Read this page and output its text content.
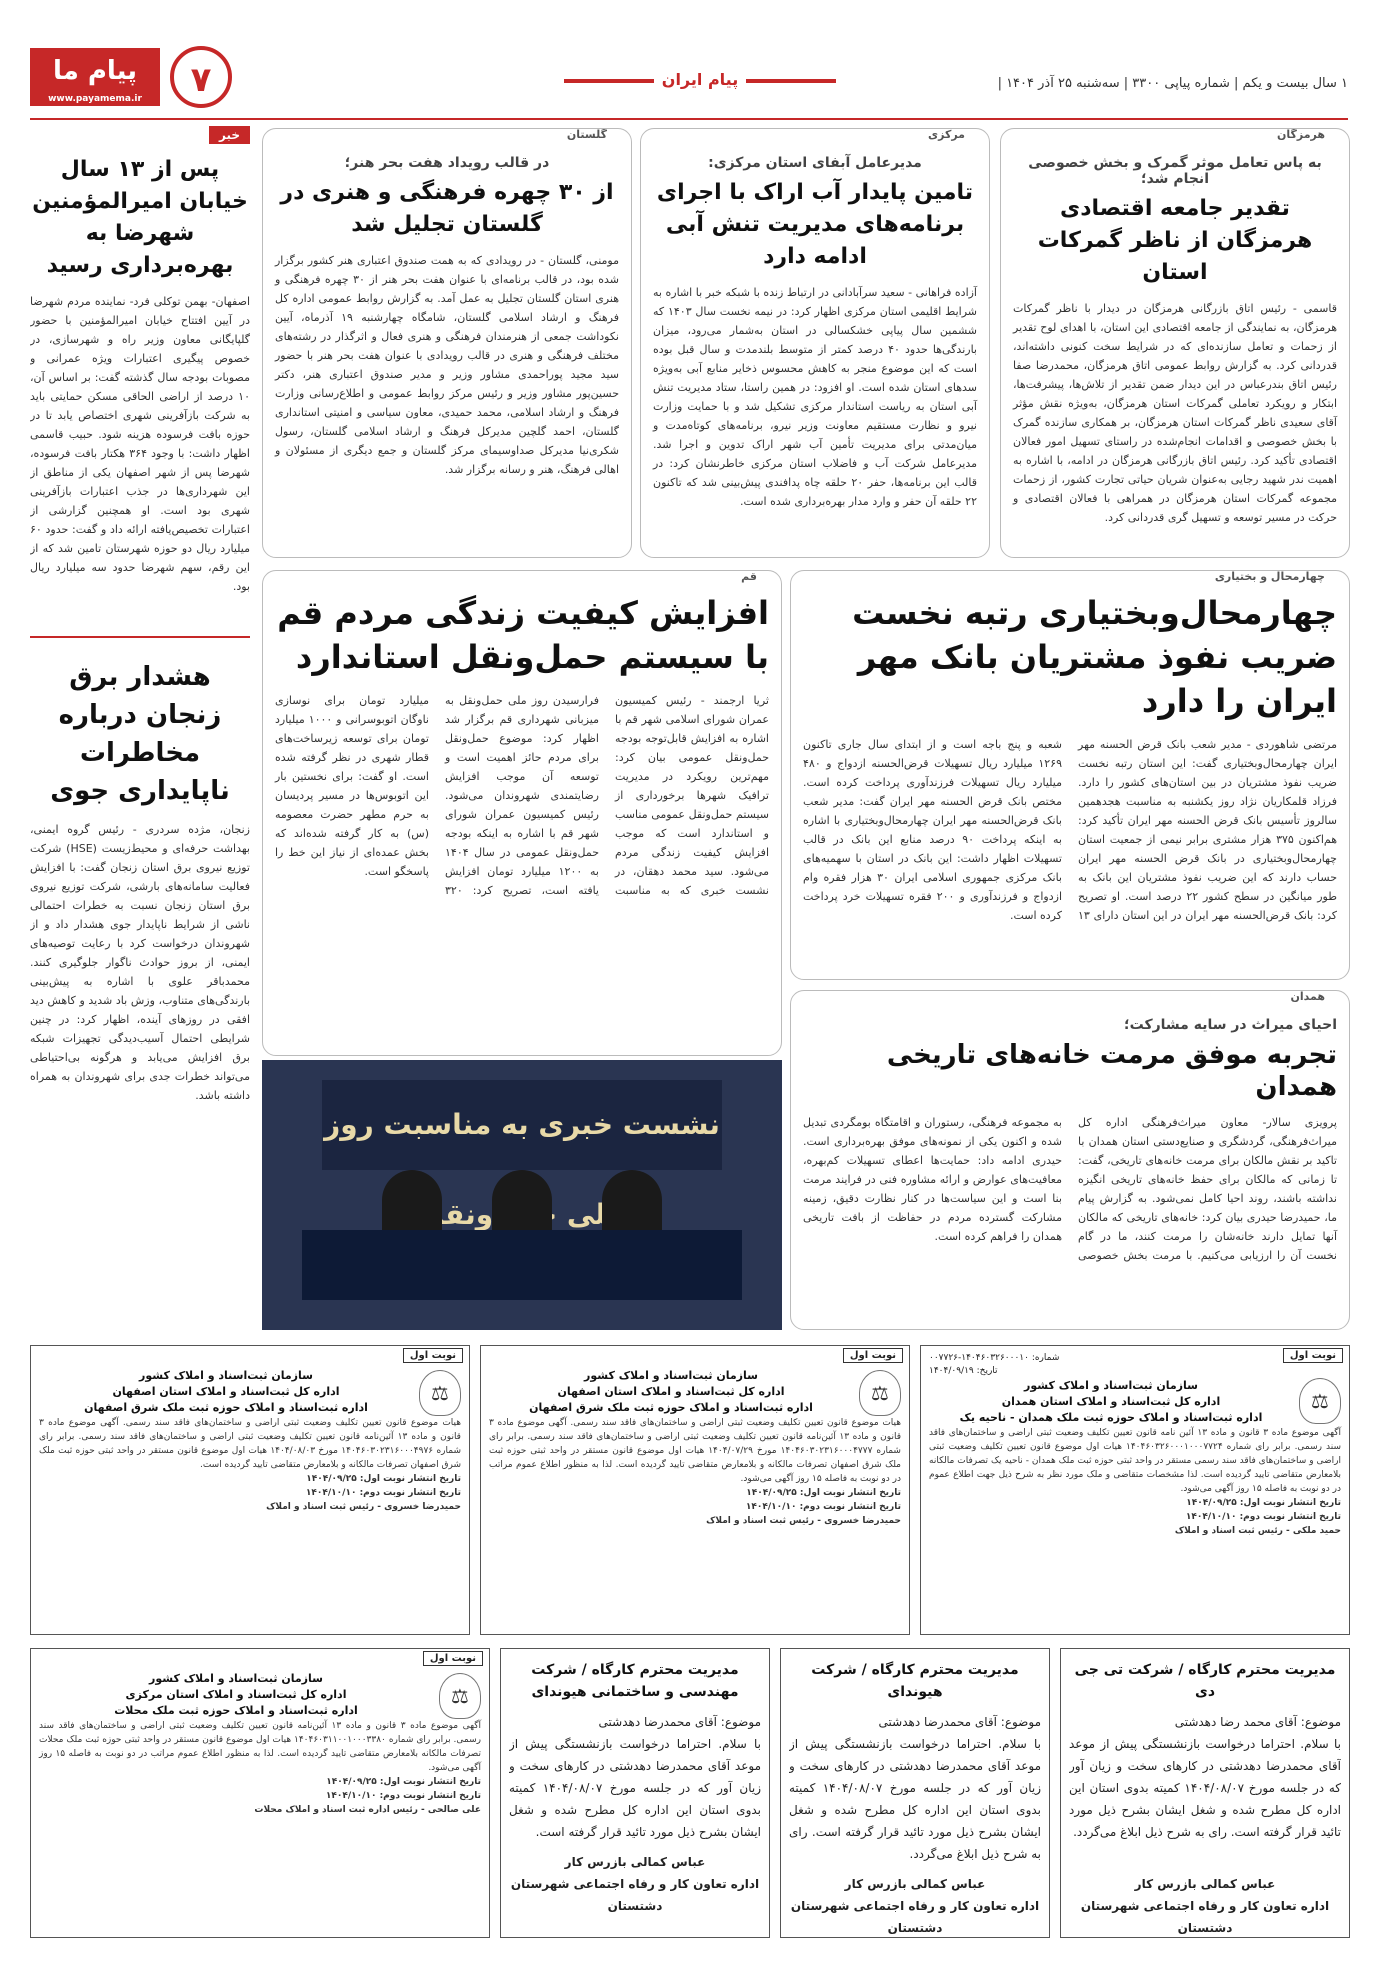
۱ سال بیست و یکم | شماره پیاپی ۳۳۰۰ | سه‌شنبه ۲۵ آذر ۱۴۰۴ |
پیام ایران
۷
پیام ما
www.payamema.ir
خبر
پس از ۱۳ سال خیابان امیرالمؤمنین شهرضا به بهره‌برداری رسید
اصفهان- بهمن توکلی فرد- نماینده مردم شهرضا در آیین افتتاح خیابان امیرالمؤمنین با حضور گلپایگانی معاون وزیر راه و شهرسازی، در خصوص پیگیری اعتبارات ویژه عمرانی و مصوبات بودجه سال گذشته گفت: بر اساس آن، ۱۰ درصد از اراضی الحاقی مسکن حمایتی باید به شرکت بازآفرینی شهری اختصاص یابد تا در حوزه بافت فرسوده هزینه شود. حبیب قاسمی اظهار داشت: با وجود ۳۶۴ هکتار بافت فرسوده، شهرضا پس از شهر اصفهان یکی از مناطق از این شهرداری‌ها در جذب اعتبارات بازآفرینی شهری بود است. او همچنین گزارشی از اعتبارات تخصیص‌یافته ارائه داد و گفت: حدود ۶۰ میلیارد ریال دو حوزه شهرستان تامین شد که از این رقم، سهم شهرضا حدود سه میلیارد ریال بود.
هشدار برق زنجان درباره مخاطرات ناپایداری جوی
زنجان، مژده سردری - رئیس گروه ایمنی، بهداشت حرفه‌ای و محیط‌زیست (HSE) شرکت توزیع نیروی برق استان زنجان گفت: با افزایش فعالیت سامانه‌های بارشی، شرکت توزیع نیروی برق استان زنجان نسبت به خطرات احتمالی ناشی از شرایط ناپایدار جوی هشدار داد و از شهروندان درخواست کرد با رعایت توصیه‌های ایمنی، از بروز حوادث ناگوار جلوگیری کنند. محمدباقر علوی با اشاره به پیش‌بینی بارندگی‌های متناوب، وزش باد شدید و کاهش دید افقی در روزهای آینده، اظهار کرد: در چنین شرایطی احتمال آسیب‌دیدگی تجهیزات شبکه برق افزایش می‌یابد و هرگونه بی‌احتیاطی می‌تواند خطرات جدی برای شهروندان به همراه داشته باشد.
هرمزگان
به پاس تعامل موثر گمرک و بخش خصوصی انجام شد؛
تقدیر جامعه اقتصادی هرمزگان از ناظر گمرکات استان
قاسمی - رئیس اتاق بازرگانی هرمزگان در دیدار با ناظر گمرکات هرمزگان، به نمایندگی از جامعه اقتصادی این استان، با اهدای لوح تقدیر از زحمات و تعامل سازنده‌ای که در شرایط سخت کنونی داشته‌اند، قدردانی کرد. به گزارش روابط عمومی اتاق هرمزگان، محمدرضا صفا رئیس اتاق بندرعباس در این دیدار ضمن تقدیر از تلاش‌ها، پیشرفت‌ها، ابتکار و رویکرد تعاملی گمرکات استان هرمزگان، به‌ویژه نقش مؤثر آقای سعیدی ناظر گمرکات استان هرمزگان، بر همکاری سازنده گمرک با بخش خصوصی و اقدامات انجام‌شده در راستای تسهیل امور فعالان اقتصادی تأکید کرد. رئیس اتاق بازرگانی هرمزگان در ادامه، با اشاره به اهمیت ندر شهید رجایی به‌عنوان شریان حیاتی تجارت کشور، از زحمات مجموعه گمرکات استان هرمزگان در همراهی با فعالان اقتصادی و حرکت در مسیر توسعه و تسهیل گری قدردانی کرد.
مرکزی
مدیرعامل آبفای استان مرکزی:
تامین پایدار آب اراک با اجرای برنامه‌های مدیریت تنش آبی ادامه دارد
آزاده فراهانی - سعید سرآبادانی در ارتباط زنده با شبکه خبر با اشاره به شرایط اقلیمی استان مرکزی اظهار کرد: در نیمه نخست سال ۱۴۰۳ که ششمین سال پیاپی خشکسالی در استان به‌شمار می‌رود، میزان بارندگی‌ها حدود ۴۰ درصد کمتر از متوسط بلندمدت و سال قبل بوده است که این موضوع منجر به کاهش محسوس ذخایر منابع آبی به‌ویژه سدهای استان شده است. او افزود: در همین راستا، ستاد مدیریت تنش آبی استان به ریاست استاندار مرکزی تشکیل شد و با حمایت وزارت نیرو و نظارت مستقیم معاونت وزیر نیرو، برنامه‌های کوتاه‌مدت و میان‌مدتی برای مدیریت تأمین آب شهر اراک تدوین و اجرا شد. مدیرعامل شرکت آب و فاضلاب استان مرکزی خاطرنشان کرد: در قالب این برنامه‌ها، حفر ۲۰ حلقه چاه پدافندی پیش‌بینی شد که تاکنون ۲۲ حلقه آن حفر و وارد مدار بهره‌برداری شده است.
گلستان
در قالب رویداد هفت بحر هنر؛
از ۳۰ چهره فرهنگی و هنری در گلستان تجلیل شد
مومنی، گلستان - در رویدادی که به همت صندوق اعتباری هنر کشور برگزار شده بود، در قالب برنامه‌ای با عنوان هفت بحر هنر از ۳۰ چهره فرهنگی و هنری استان گلستان تجلیل به عمل آمد. به گزارش روابط عمومی اداره کل فرهنگ و ارشاد اسلامی گلستان، شامگاه چهارشنبه ۱۹ آذرماه، آیین نکوداشت جمعی از هنرمندان فرهنگی و هنری فعال و اثرگذار در رشته‌های مختلف فرهنگی و هنری در قالب رویدادی با عنوان هفت بحر هنر با حضور سید مجید پوراحمدی مشاور وزیر و مدیر صندوق اعتباری هنر، دکتر حسین‌پور مشاور وزیر و رئیس مرکز روابط عمومی و اطلاع‌رسانی وزارت فرهنگ و ارشاد اسلامی، محمد حمیدی، معاون سیاسی و امنیتی استانداری گلستان، احمد گلچین مدیرکل فرهنگ و ارشاد اسلامی گلستان، رسول شکری‌نیا مدیرکل صداوسیمای مرکز گلستان و جمع دیگری از مسئولان و اهالی فرهنگ، هنر و رسانه برگزار شد.
چهارمحال و بختیاری
چهارمحال‌وبختیاری رتبه نخست ضریب نفوذ مشتریان بانک مهر ایران را دارد
مرتضی شاهوردی - مدیر شعب بانک قرض الحسنه مهر ایران چهارمحال‌وبختیاری گفت: این استان رتبه نخست ضریب نفوذ مشتریان در بین استان‌های کشور را دارد. فرزاد قلمکاریان نژاد روز یکشنبه به مناسبت هجدهمین سالروز تأسیس بانک قرض الحسنه مهر ایران تأکید کرد: هم‌اکنون ۳۷۵ هزار مشتری برابر نیمی از جمعیت استان چهارمحال‌وبختیاری در بانک قرض الحسنه مهر ایران حساب دارند که این ضریب نفوذ مشتریان این بانک به طور میانگین در سطح کشور ۲۲ درصد است. او تصریح کرد: بانک قرض‌الحسنه مهر ایران در این استان دارای ۱۳ شعبه و پنج باجه است و از ابتدای سال جاری تاکنون ۱۲۶۹ میلیارد ریال تسهیلات قرض‌الحسنه ازدواج و ۴۸۰ میلیارد ریال تسهیلات فرزندآوری پرداخت کرده است. مختص بانک قرض الحسنه مهر ایران گفت: مدیر شعب بانک قرض‌الحسنه مهر ایران چهارمحال‌وبختیاری با اشاره به اینکه پرداخت ۹۰ درصد منابع این بانک در قالب تسهیلات اظهار داشت: این بانک در استان با سهمیه‌های بانک مرکزی جمهوری اسلامی ایران ۳۰ هزار فقره وام ازدواج و فرزندآوری و ۲۰۰ فقره تسهیلات خرد پرداخت کرده است.
قم
افزایش کیفیت زندگی مردم قم با سیستم حمل‌ونقل استاندارد
ثریا ارجمند - رئیس کمیسیون عمران شورای اسلامی شهر قم با اشاره به افزایش قابل‌توجه بودجه حمل‌ونقل عمومی بیان کرد: مهم‌ترین رویکرد در مدیریت ترافیک شهرها برخورداری از سیستم حمل‌ونقل عمومی مناسب و استاندارد است که موجب افزایش کیفیت زندگی مردم می‌شود. سید محمد دهقان، در نشست خبری که به مناسبت فرارسیدن روز ملی حمل‌ونقل به میزبانی شهرداری قم برگزار شد اظهار کرد: موضوع حمل‌ونقل برای مردم حائز اهمیت است و توسعه آن موجب افزایش رضایتمندی شهروندان می‌شود. رئیس کمیسیون عمران شورای شهر قم با اشاره به اینکه بودجه حمل‌ونقل عمومی در سال ۱۴۰۴ به ۱۲۰۰ میلیارد تومان افزایش یافته است، تصریح کرد: ۳۲۰ میلیارد تومان برای نوسازی ناوگان اتوبوسرانی و ۱۰۰۰ میلیارد تومان برای توسعه زیرساخت‌های قطار شهری در نظر گرفته شده است. او گفت: برای نخستین بار این اتوبوس‌ها در مسیر پردیسان به حرم مطهر حضرت معصومه (س) به کار گرفته شده‌اند که بخش عمده‌ای از نیاز این خط را پاسخگو است.
نشست خبری به مناسبت روز ملی حمل‌ونقل
همدان
احیای میراث در سایه مشارکت؛
تجربه موفق مرمت خانه‌های تاریخی همدان
پرویزی سالار- معاون میراث‌فرهنگی اداره کل میراث‌فرهنگی، گردشگری و صنایع‌دستی استان همدان با تاکید بر نقش مالکان برای مرمت خانه‌های تاریخی، گفت: تا زمانی که مالکان برای حفظ خانه‌های تاریخی انگیزه نداشته باشند، روند احیا کامل نمی‌شود. به گزارش پیام ما، حمیدرضا حیدری بیان کرد: خانه‌های تاریخی که مالکان آنها تمایل دارند خانه‌شان را مرمت کنند، ما در گام نخست آن را ارزیابی می‌کنیم. با مرمت بخش خصوصی به مجموعه فرهنگی، رستوران و اقامتگاه بومگردی تبدیل شده و اکنون یکی از نمونه‌های موفق بهره‌برداری است. حیدری ادامه داد: حمایت‌ها اعطای تسهیلات کم‌بهره، معافیت‌های عوارض و ارائه مشاوره فنی در فرایند مرمت بنا است و این سیاست‌ها در کنار نظارت دقیق، زمینه مشارکت گسترده مردم در حفاظت از بافت تاریخی همدان را فراهم کرده است.
نوبت اول
شماره: ۱۴۰۴۶۰۳۲۶۰۰۰۱۰-۰۰۷۷۲۶
تاریخ: ۱۴۰۴/۰۹/۱۹
⚖
سازمان ثبت‌اسناد و املاک کشور
اداره کل ثبت‌اسناد و املاک استان همدان
اداره ثبت‌اسناد و املاک حوزه ثبت ملک همدان - ناحیه یک
آگهی موضوع ماده ۳ قانون و ماده ۱۳ آئین نامه قانون تعیین تکلیف وضعیت ثبتی اراضی و ساختمان‌های فاقد سند رسمی. برابر رای شماره ۱۴۰۴۶۰۳۲۶۰۰۰۱۰۰۰۷۷۲۴ هیات اول موضوع قانون تعیین تکلیف وضعیت ثبتی اراضی و ساختمان‌های فاقد سند رسمی مستقر در واحد ثبتی حوزه ثبت ملک همدان - ناحیه یک تصرفات مالکانه بلامعارض متقاضی تایید گردیده است. لذا مشخصات متقاضی و ملک مورد نظر به شرح ذیل جهت اطلاع عموم در دو نوبت به فاصله ۱۵ روز آگهی می‌شود.
تاریخ انتشار نوبت اول: ۱۴۰۴/۰۹/۲۵
تاریخ انتشار نوبت دوم: ۱۴۰۴/۱۰/۱۰
حمید ملکی - رئیس ثبت اسناد و املاک
نوبت اول
⚖
سازمان ثبت‌اسناد و املاک کشور
اداره کل ثبت‌اسناد و املاک استان اصفهان
اداره ثبت‌اسناد و املاک حوزه ثبت ملک شرق اصفهان
هیات موضوع قانون تعیین تکلیف وضعیت ثبتی اراضی و ساختمان‌های فاقد سند رسمی. آگهی موضوع ماده ۳ قانون و ماده ۱۳ آئین‌نامه قانون تعیین تکلیف وضعیت ثبتی اراضی و ساختمان‌های فاقد سند رسمی. برابر رای شماره ۱۴۰۴۶۰۳۰۲۳۱۶۰۰۰۴۷۷۷ مورخ ۱۴۰۴/۰۷/۲۹ هیات اول موضوع قانون مستقر در واحد ثبتی حوزه ثبت ملک شرق اصفهان تصرفات مالکانه و بلامعارض متقاضی تایید گردیده است. لذا به منظور اطلاع عموم مراتب در دو نوبت به فاصله ۱۵ روز آگهی می‌شود.
تاریخ انتشار نوبت اول: ۱۴۰۴/۰۹/۲۵
تاریخ انتشار نوبت دوم: ۱۴۰۴/۱۰/۱۰
حمیدرضا خسروی - رئیس ثبت اسناد و املاک
نوبت اول
⚖
سازمان ثبت‌اسناد و املاک کشور
اداره کل ثبت‌اسناد و املاک استان اصفهان
اداره ثبت‌اسناد و املاک حوزه ثبت ملک شرق اصفهان
هیات موضوع قانون تعیین تکلیف وضعیت ثبتی اراضی و ساختمان‌های فاقد سند رسمی. آگهی موضوع ماده ۳ قانون و ماده ۱۳ آئین‌نامه قانون تعیین تکلیف وضعیت ثبتی اراضی و ساختمان‌های فاقد سند رسمی. برابر رای شماره ۱۴۰۴۶۰۳۰۲۳۱۶۰۰۰۴۹۷۶ مورخ ۱۴۰۴/۰۸/۰۳ هیات اول موضوع قانون مستقر در واحد ثبتی حوزه ثبت ملک شرق اصفهان تصرفات مالکانه و بلامعارض متقاضی تایید گردیده است.
تاریخ انتشار نوبت اول: ۱۴۰۴/۰۹/۲۵
تاریخ انتشار نوبت دوم: ۱۴۰۴/۱۰/۱۰
حمیدرضا خسروی - رئیس ثبت اسناد و املاک
مدیریت محترم کارگاه / شرکت تی جی دی
موضوع: آقای محمد رضا دهدشتی
با سلام. احتراما درخواست بازنشستگی پیش از موعد آقای محمدرضا دهدشتی در کارهای سخت و زیان آور که در جلسه مورخ ۱۴۰۴/۰۸/۰۷ کمیته بدوی استان این اداره کل مطرح شده و شغل ایشان بشرح ذیل مورد تائید قرار گرفته است. رای به شرح ذیل ابلاغ می‌گردد.
عباس کمالی بازرس کار
اداره تعاون کار و رفاه اجتماعی شهرستان دشتستان
مدیریت محترم کارگاه / شرکت هیوندای
موضوع: آقای محمدرضا دهدشتی
با سلام. احتراما درخواست بازنشستگی پیش از موعد آقای محمدرضا دهدشتی در کارهای سخت و زیان آور که در جلسه مورخ ۱۴۰۴/۰۸/۰۷ کمیته بدوی استان این اداره کل مطرح شده و شغل ایشان بشرح ذیل مورد تائید قرار گرفته است. رای به شرح ذیل ابلاغ می‌گردد.
عباس کمالی بازرس کار
اداره تعاون کار و رفاه اجتماعی شهرستان دشتستان
مدیریت محترم کارگاه / شرکت مهندسی و ساختمانی هیوندای
موضوع: آقای محمدرضا دهدشتی
با سلام. احتراما درخواست بازنشستگی پیش از موعد آقای محمدرضا دهدشتی در کارهای سخت و زیان آور که در جلسه مورخ ۱۴۰۴/۰۸/۰۷ کمیته بدوی استان این اداره کل مطرح شده و شغل ایشان بشرح ذیل مورد تائید قرار گرفته است.
عباس کمالی بازرس کار
اداره تعاون کار و رفاه اجتماعی شهرستان دشتستان
نوبت اول
⚖
سازمان ثبت‌اسناد و املاک کشور
اداره کل ثبت‌اسناد و املاک استان مرکزی
اداره ثبت‌اسناد و املاک حوزه ثبت ملک محلات
آگهی موضوع ماده ۳ قانون و ماده ۱۳ آئین‌نامه قانون تعیین تکلیف وضعیت ثبتی اراضی و ساختمان‌های فاقد سند رسمی. برابر رای شماره ۱۴۰۴۶۰۳۱۱۰۰۱۰۰۰۳۳۸۰ هیات اول موضوع قانون مستقر در واحد ثبتی حوزه ثبت ملک محلات تصرفات مالکانه بلامعارض متقاضی تایید گردیده است. لذا به منظور اطلاع عموم مراتب در دو نوبت به فاصله ۱۵ روز آگهی می‌شود.
تاریخ انتشار نوبت اول: ۱۴۰۴/۰۹/۲۵
تاریخ انتشار نوبت دوم: ۱۴۰۴/۱۰/۱۰
علی صالحی - رئیس اداره ثبت اسناد و املاک محلات
